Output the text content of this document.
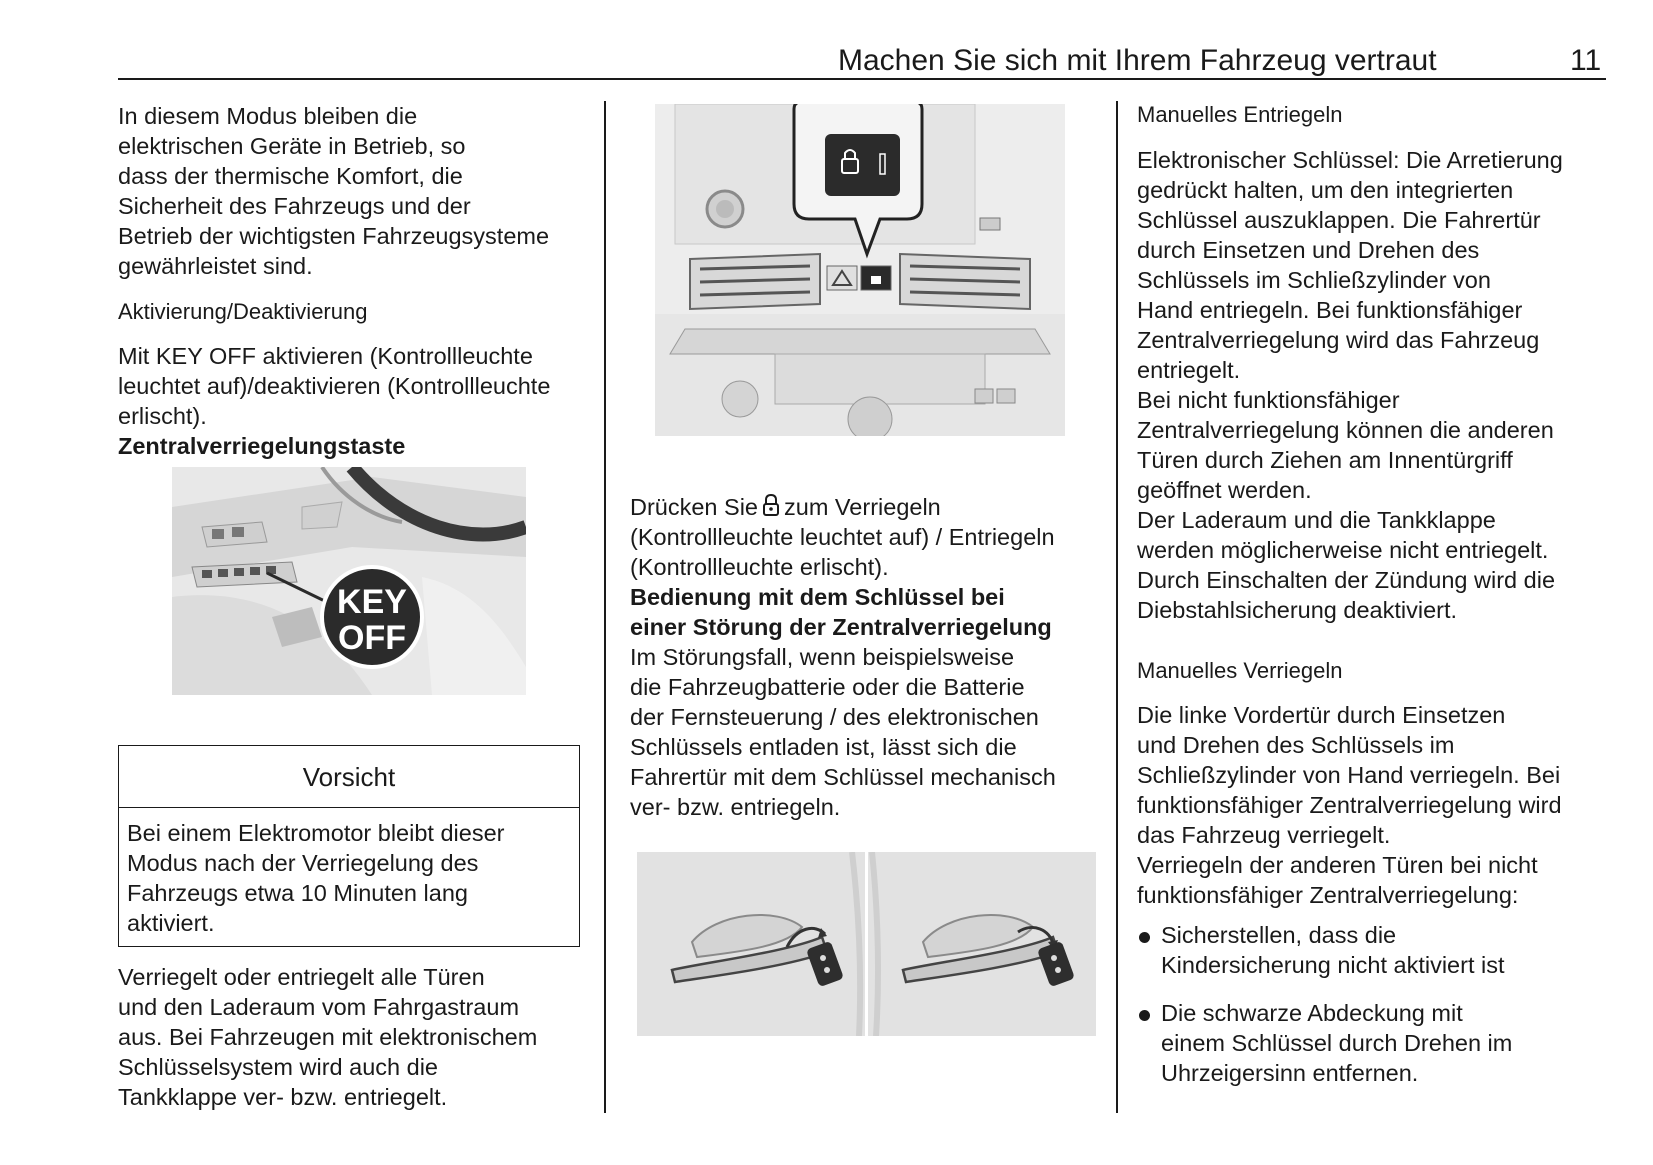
Machen Sie sich mit Ihrem Fahrzeug vertraut	11

In diesem Modus bleiben die
elektrischen Geräte in Betrieb, so
dass der thermische Komfort, die
Sicherheit des Fahrzeugs und der
Betrieb der wichtigsten Fahrzeugsysteme
gewährleistet sind.

Aktivierung/Deaktivierung

Mit KEY OFF aktivieren (Kontrollleuchte
leuchtet auf)/deaktivieren (Kontrollleuchte
erlischt).

Zentralverriegelungstaste

KEY
OFF
Vorsicht

Bei einem Elektromotor bleibt dieser
Modus nach der Verriegelung des
Fahrzeugs etwa 10 Minuten lang
aktiviert.

Verriegelt oder entriegelt alle Türen
und den Laderaum vom Fahrgastraum
aus. Bei Fahrzeugen mit elektronischem
Schlüsselsystem wird auch die
Tankklappe ver- bzw. entriegelt.

Drücken Sie zum Verriegeln

(Kontrollleuchte leuchtet auf) / Entriegeln
(Kontrollleuchte erlischt).

Bedienung mit dem Schlüssel bei
einer Störung der Zentralverriegelung

Im Störungsfall, wenn beispielsweise
die Fahrzeugbatterie oder die Batterie
der Fernsteuerung / des elektronischen
Schlüssels entladen ist, lässt sich die
Fahrertür mit dem Schlüssel mechanisch
ver- bzw. entriegeln.

Manuelles Entriegeln

Elektronischer Schlüssel: Die Arretierung
gedrückt halten, um den integrierten
Schlüssel auszuklappen. Die Fahrertür
durch Einsetzen und Drehen des
Schlüssels im Schließzylinder von
Hand entriegeln. Bei funktionsfähiger
Zentralverriegelung wird das Fahrzeug
entriegelt.
Bei nicht funktionsfähiger
Zentralverriegelung können die anderen
Türen durch Ziehen am Innentürgriff
geöffnet werden.
Der Laderaum und die Tankklappe
werden möglicherweise nicht entriegelt.
Durch Einschalten der Zündung wird die
Diebstahlsicherung deaktiviert.

Manuelles Verriegeln

Die linke Vordertür durch Einsetzen
und Drehen des Schlüssels im
Schließzylinder von Hand verriegeln. Bei
funktionsfähiger Zentralverriegelung wird
das Fahrzeug verriegelt.
Verriegeln der anderen Türen bei nicht
funktionsfähiger Zentralverriegelung:

Sicherstellen, dass die
Kindersicherung nicht aktiviert ist

Die schwarze Abdeckung mit
einem Schlüssel durch Drehen im
Uhrzeigersinn entfernen.
